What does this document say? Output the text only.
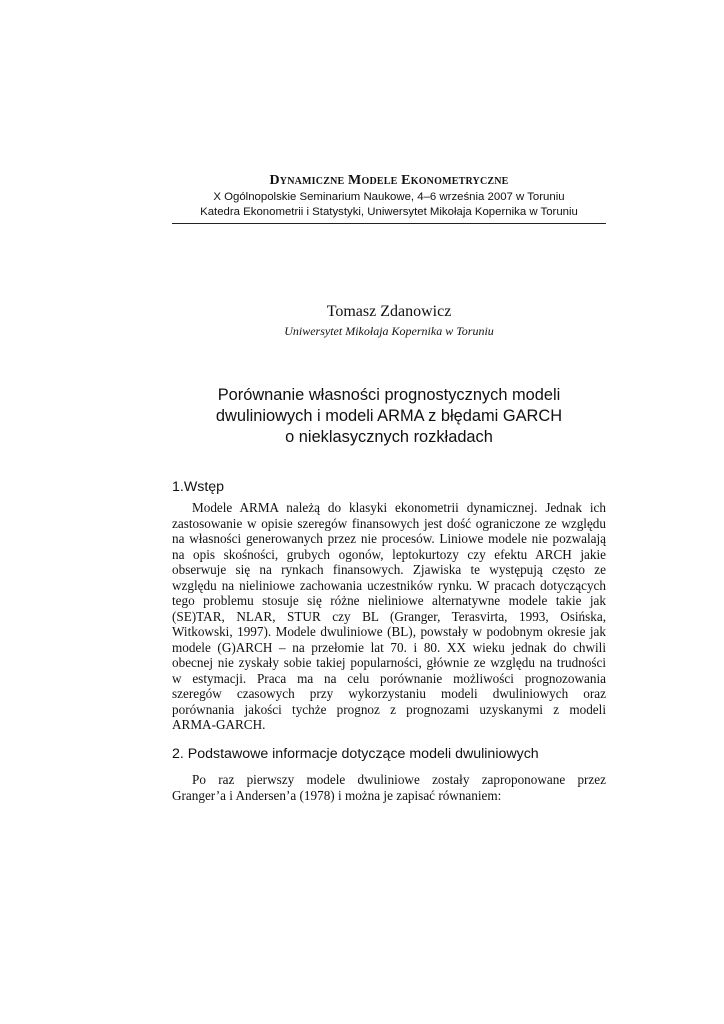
Dynamiczne Modele Ekonometryczne
X Ogólnopolskie Seminarium Naukowe, 4–6 września 2007 w Toruniu
Katedra Ekonometrii i Statystyki, Uniwersytet Mikołaja Kopernika w Toruniu
Tomasz Zdanowicz
Uniwersytet Mikołaja Kopernika w Toruniu
Porównanie własności prognostycznych modeli
dwuliniowych i modeli ARMA z błędami GARCH
o nieklasycznych rozkładach
1.Wstęp
Modele ARMA należą do klasyki ekonometrii dynamicznej. Jednak ich
zastosowanie w opisie szeregów finansowych jest dość ograniczone ze względu
na własności generowanych przez nie procesów. Liniowe modele nie pozwalają
na opis skośności, grubych ogonów, leptokurtozy czy efektu ARCH jakie
obserwuje się na rynkach finansowych. Zjawiska te występują często ze
względu na nieliniowe zachowania uczestników rynku. W pracach dotyczących
tego problemu stosuje się różne nieliniowe alternatywne modele takie jak
(SE)TAR, NLAR, STUR czy BL (Granger, Terasvirta, 1993, Osińska,
Witkowski, 1997). Modele dwuliniowe (BL), powstały w podobnym okresie jak
modele (G)ARCH – na przełomie lat 70. i 80. XX wieku jednak do chwili
obecnej nie zyskały sobie takiej popularności, głównie ze względu na trudności
w estymacji. Praca ma na celu porównanie możliwości prognozowania
szeregów czasowych przy wykorzystaniu modeli dwuliniowych oraz
porównania jakości tychże prognoz z prognozami uzyskanymi z modeli
ARMA-GARCH.
2. Podstawowe informacje dotyczące modeli dwuliniowych
Po raz pierwszy modele dwuliniowe zostały zaproponowane przez
Granger’a i Andersen’a (1978) i można je zapisać równaniem:
